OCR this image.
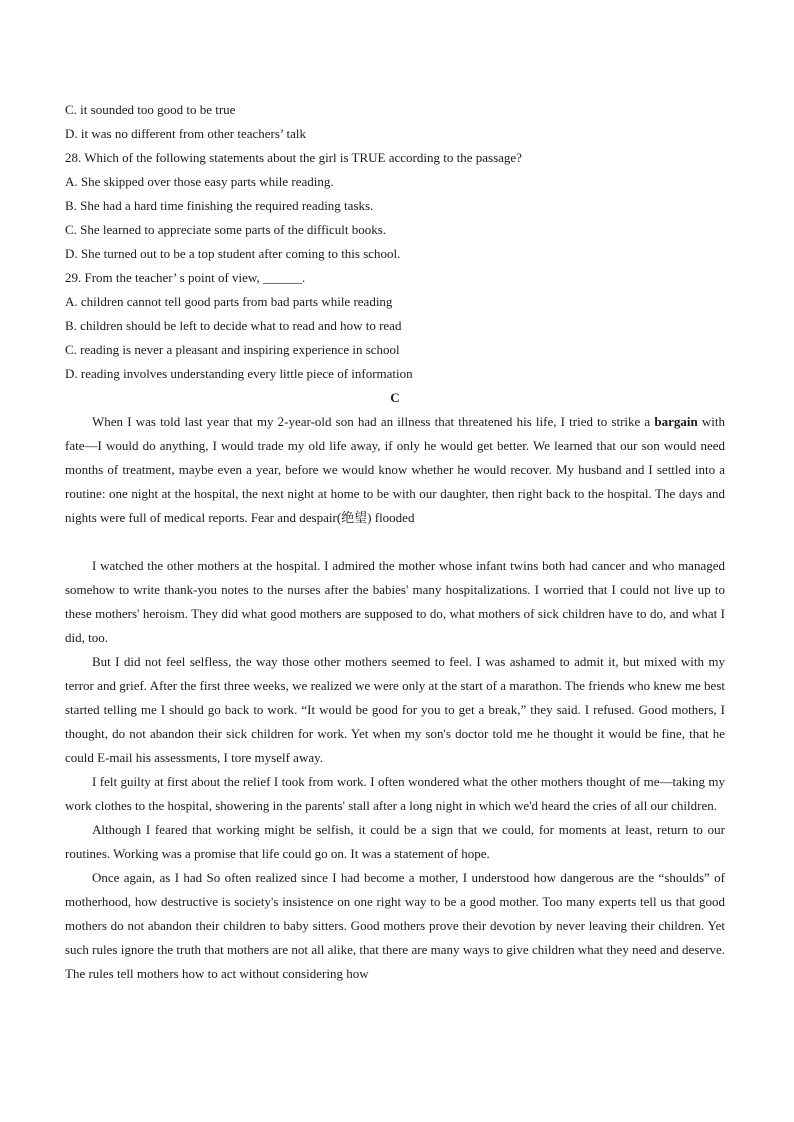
C. it sounded too good to be true
D. it was no different from other teachers’ talk
28. Which of the following statements about the girl is TRUE according to the passage?
A. She skipped over those easy parts while reading.
B. She had a hard time finishing the required reading tasks.
C. She learned to appreciate some parts of the difficult books.
D. She turned out to be a top student after coming to this school.
29. From the teacher’ s point of view, ______.
A. children cannot tell good parts from bad parts while reading
B. children should be left to decide what to read and how to read
C. reading is never a pleasant and inspiring experience in school
D. reading involves understanding every little piece of information
C

When I was told last year that my 2-year-old son had an illness that threatened his life, I tried to strike a bargain with fate—I would do anything, I would trade my old life away, if only he would get better. We learned that our son would need months of treatment, maybe even a year, before we would know whether he would recover. My husband and I settled into a routine: one night at the hospital, the next night at home to be with our daughter, then right back to the hospital. The days and nights were full of medical reports. Fear and despair(绝望) flooded

I watched the other mothers at the hospital. I admired the mother whose infant twins both had cancer and who managed somehow to write thank-you notes to the nurses after the babies' many hospitalizations. I worried that I could not live up to these mothers' heroism. They did what good mothers are supposed to do, what mothers of sick children have to do, and what I did, too.

But I did not feel selfless, the way those other mothers seemed to feel. I was ashamed to admit it, but mixed with my terror and grief. After the first three weeks, we realized we were only at the start of a marathon. The friends who knew me best started telling me I should go back to work. “It would be good for you to get a break,” they said. I refused. Good mothers, I thought, do not abandon their sick children for work. Yet when my son's doctor told me he thought it would be fine, that he could E-mail his assessments, I tore myself away.

I felt guilty at first about the relief I took from work. I often wondered what the other mothers thought of me—taking my work clothes to the hospital, showering in the parents' stall after a long night in which we'd heard the cries of all our children.

Although I feared that working might be selfish, it could be a sign that we could, for moments at least, return to our routines. Working was a promise that life could go on. It was a statement of hope.

Once again, as I had So often realized since I had become a mother, I understood how dangerous are the “shoulds” of motherhood, how destructive is society's insistence on one right way to be a good mother. Too many experts tell us that good mothers do not abandon their children to baby sitters. Good mothers prove their devotion by never leaving their children. Yet such rules ignore the truth that mothers are not all alike, that there are many ways to give children what they need and deserve. The rules tell mothers how to act without considering how
